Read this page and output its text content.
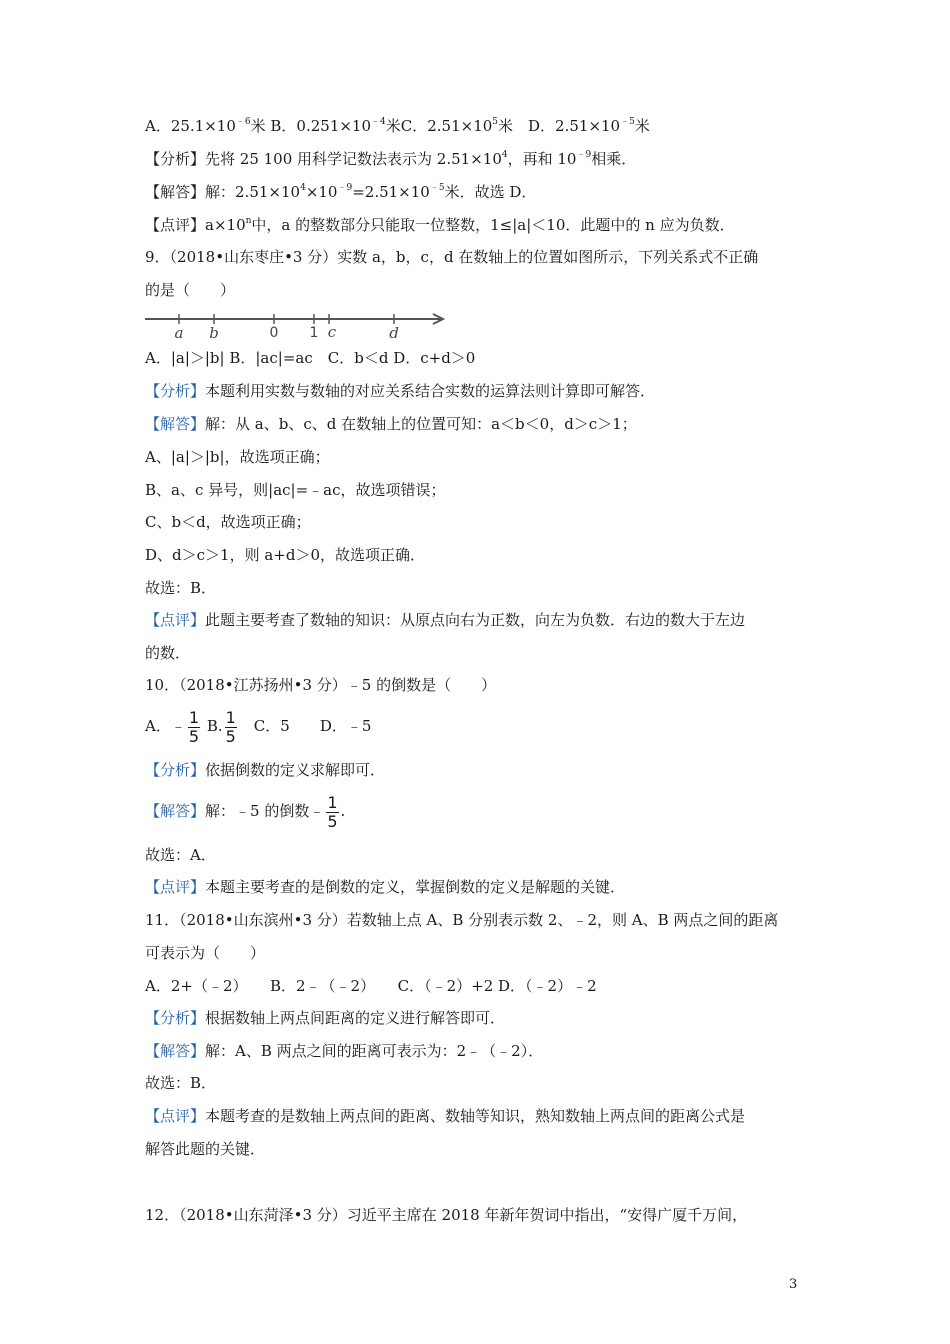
A．$25.1\times 10^{﹣6}$米 B．$0.251\times 10^{﹣4}$米C．$2.51\times 10^5$米　D．$2.51\times 10^{﹣5}$米
【分析】先将 25 100 用科学记数法表示为 $2.51\times 10^4$，再和 $10^{﹣9}$相乘．
【解答】解：$2.51\times 10^4\times 10^{﹣9}=2.51\times 10^{﹣5}$米．故选 D．
【点评】$a\times 10^n$中，a 的整数部分只能取一位整数，1≤|a|＜10．此题中的 n 应为负数．
9．（2018•山东枣庄•3 分）实数 a，b，c，d 在数轴上的位置如图所示，下列关系式不正确
的是（　　）
a b	0 1 c	d
A．|a|＞|b| B．|ac|=ac　C．b＜d D．c+d＞0
【分析】本题利用实数与数轴的对应关系结合实数的运算法则计算即可解答．
【解答】解：从 a、b、c、d 在数轴上的位置可知：a＜b＜0，d＞c＞1；
A、|a|＞|b|，故选项正确；
B、a、c 异号，则|ac|=﹣ac，故选项错误；
C、b＜d，故选项正确；
D、d＞c＞1，则 a+d＞0，故选项正确．
故选：B．
【点评】此题主要考查了数轴的知识：从原点向右为正数，向左为负数．右边的数大于左边
的数．
10．（2018•江苏扬州•3 分）﹣5 的倒数是（　　）
A．﹣ $\frac{1}{5} B$. $\frac{1}{5}$ 　C．5　　D．﹣5
【分析】依据倒数的定义求解即可．
【解答】解：﹣5 的倒数﹣ $\frac{1}{5}$ .
故选：A．
【点评】本题主要考查的是倒数的定义，掌握倒数的定义是解题的关键．
11．（2018•山东滨州•3 分）若数轴上点 A、B 分别表示数 2、﹣2，则 A、B 两点之间的距离
可表示为（　　）
A．2+（﹣2）　　B．2﹣（﹣2）　　C．（﹣2）+2 D．（﹣2）﹣2
【分析】根据数轴上两点间距离的定义进行解答即可．
【解答】解：A、B 两点之间的距离可表示为：2﹣（﹣2）．
故选：B．
【点评】本题考查的是数轴上两点间的距离、数轴等知识，熟知数轴上两点间的距离公式是
解答此题的关键．
12．（2018•山东菏泽•3 分）习近平主席在 2018 年新年贺词中指出，“安得广厦千万间，
3
